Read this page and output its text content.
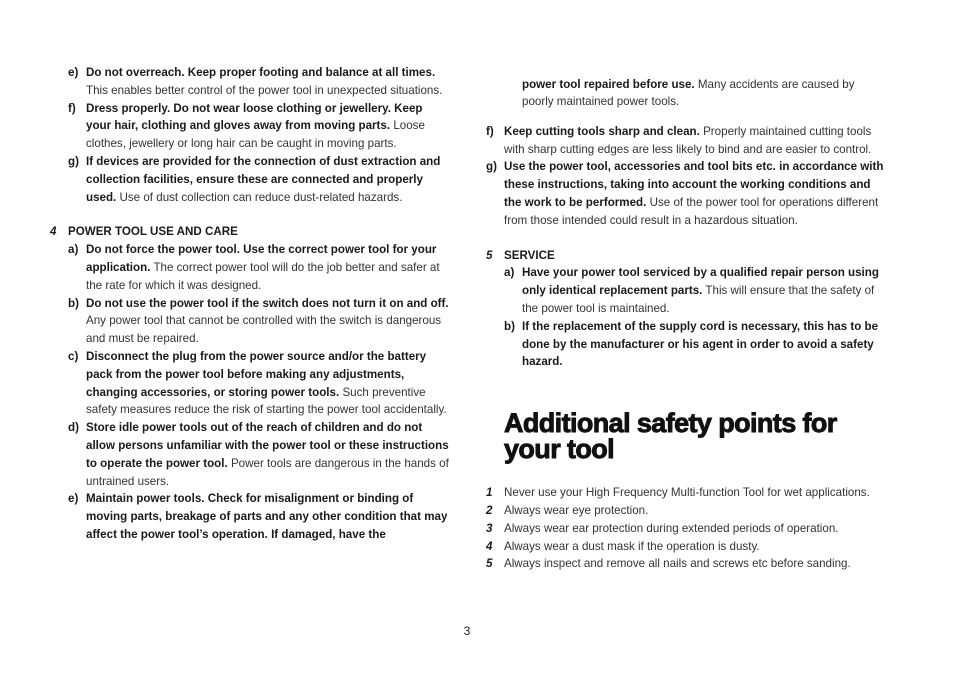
e) Do not overreach. Keep proper footing and balance at all times. This enables better control of the power tool in unexpected situations.

f) Dress properly. Do not wear loose clothing or jewellery. Keep your hair, clothing and gloves away from moving parts. Loose clothes, jewellery or long hair can be caught in moving parts.

g) If devices are provided for the connection of dust extraction and collection facilities, ensure these are connected and properly used. Use of dust collection can reduce dust-related hazards.

4 POWER TOOL USE AND CARE

a) Do not force the power tool. Use the correct power tool for your application. The correct power tool will do the job better and safer at the rate for which it was designed.

b) Do not use the power tool if the switch does not turn it on and off. Any power tool that cannot be controlled with the switch is dangerous and must be repaired.

c) Disconnect the plug from the power source and/or the battery pack from the power tool before making any adjustments, changing accessories, or storing power tools. Such preventive safety measures reduce the risk of starting the power tool accidentally.

d) Store idle power tools out of the reach of children and do not allow persons unfamiliar with the power tool or these instructions to operate the power tool. Power tools are dangerous in the hands of untrained users.

e) Maintain power tools. Check for misalignment or binding of moving parts, breakage of parts and any other condition that may affect the power tool’s operation. If damaged, have the

power tool repaired before use. Many accidents are caused by poorly maintained power tools.

f) Keep cutting tools sharp and clean. Properly maintained cutting tools with sharp cutting edges are less likely to bind and are easier to control.

g) Use the power tool, accessories and tool bits etc. in accordance with these instructions, taking into account the working conditions and the work to be performed. Use of the power tool for operations different from those intended could result in a hazardous situation.

5 SERVICE

a) Have your power tool serviced by a qualified repair person using only identical replacement parts. This will ensure that the safety of the power tool is maintained.

b) If the replacement of the supply cord is necessary, this has to be done by the manufacturer or his agent in order to avoid a safety hazard.

Additional safety points for your tool

1 Never use your High Frequency Multi-function Tool for wet applications.

2 Always wear eye protection.

3 Always wear ear protection during extended periods of operation.

4 Always wear a dust mask if the operation is dusty.

5 Always inspect and remove all nails and screws etc before sanding.

3
